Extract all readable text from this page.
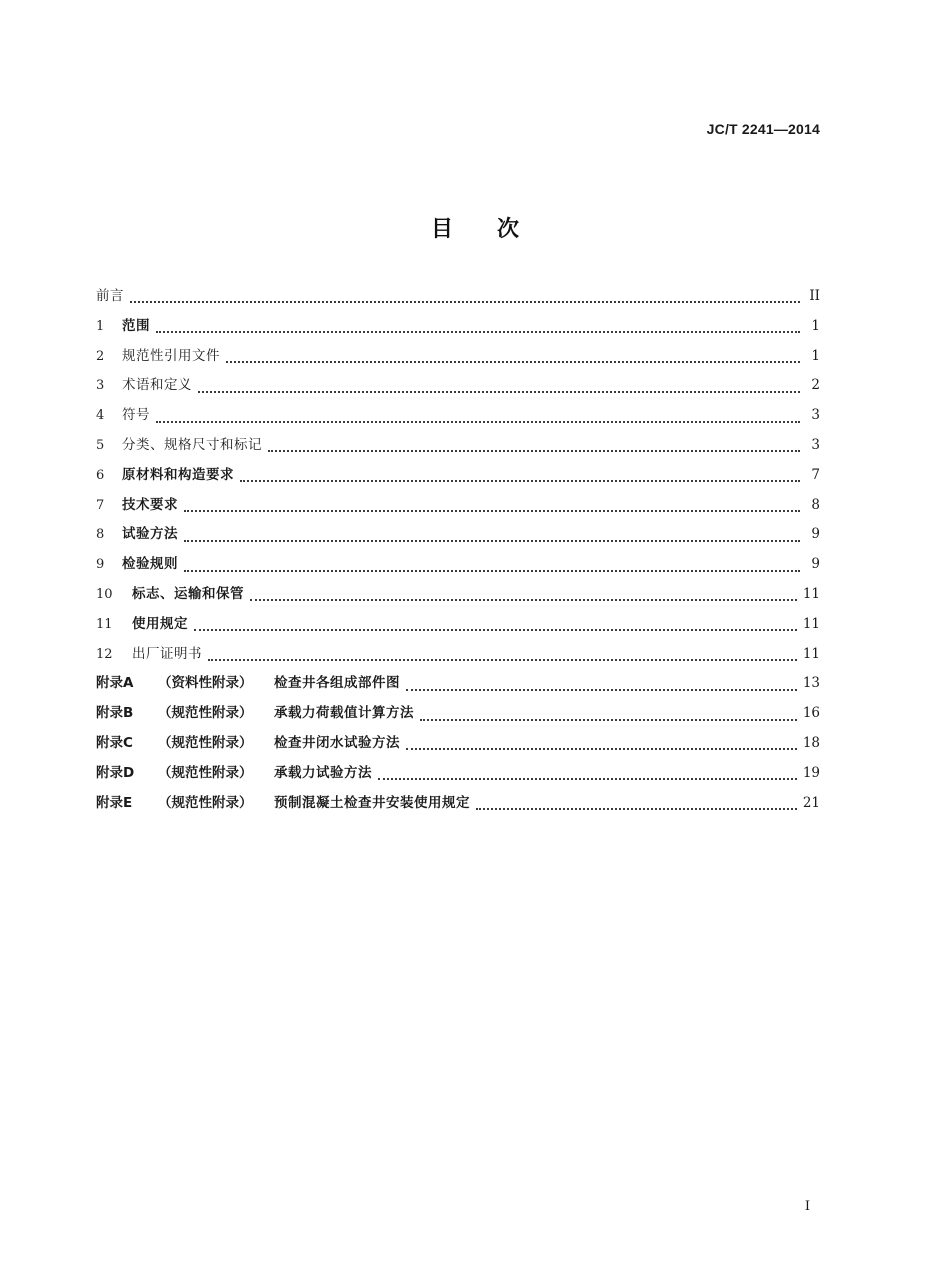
JC/T 2241—2014
目次
前言	II
1	范围	1
2	规范性引用文件	1
3	术语和定义	2
4	符号	3
5	分类、规格尺寸和标记	3
6	原材料和构造要求	7
7	技术要求	8
8	试验方法	9
9	检验规则	9
10	标志、运输和保管	11
11	使用规定	11
12	出厂证明书	11
附录A	（资料性附录）	检查井各组成部件图	13
附录B	（规范性附录）	承载力荷载值计算方法	16
附录C	（规范性附录）	检查井闭水试验方法	18
附录D	（规范性附录）	承载力试验方法	19
附录E	（规范性附录）	预制混凝土检查井安装使用规定	21
I
